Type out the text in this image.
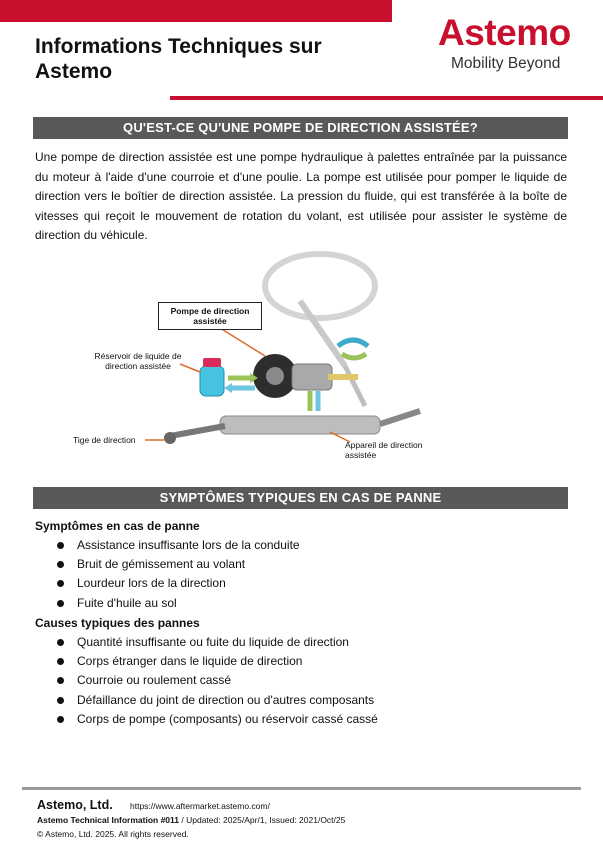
Informations Techniques sur Astemo
Astemo
Mobility Beyond
QU'EST-CE QU'UNE POMPE DE DIRECTION ASSISTÉE?
Une pompe de direction assistée est une pompe hydraulique à palettes entraînée par la puissance du moteur à l'aide d'une courroie et d'une poulie. La pompe est utilisée pour pomper le liquide de direction vers le boîtier de direction assistée. La pression du fluide, qui est transférée à la boîte de vitesses qui reçoit le mouvement de rotation du volant, est utilisée pour assister le système de direction du véhicule.
Pompe de direction assistée
Réservoir de liquide de direction assistée
Tige de direction	Appareil de direction assistée
SYMPTÔMES TYPIQUES EN CAS DE PANNE
Symptômes en cas de panne
Assistance insuffisante lors de la conduite
Bruit de gémissement au volant
Lourdeur lors de la direction
Fuite d'huile au sol
Causes typiques des pannes
Quantité insuffisante ou fuite du liquide de direction
Corps étranger dans le liquide de direction
Courroie ou roulement cassé
Défaillance du joint de direction ou d'autres composants
Corps de pompe (composants) ou réservoir cassé cassé
Astemo, Ltd. https://www.aftermarket.astemo.com/
Astemo Technical Information #011 / Updated: 2025/Apr/1, Issued: 2021/Oct/25
© Astemo, Ltd. 2025. All rights reserved.
